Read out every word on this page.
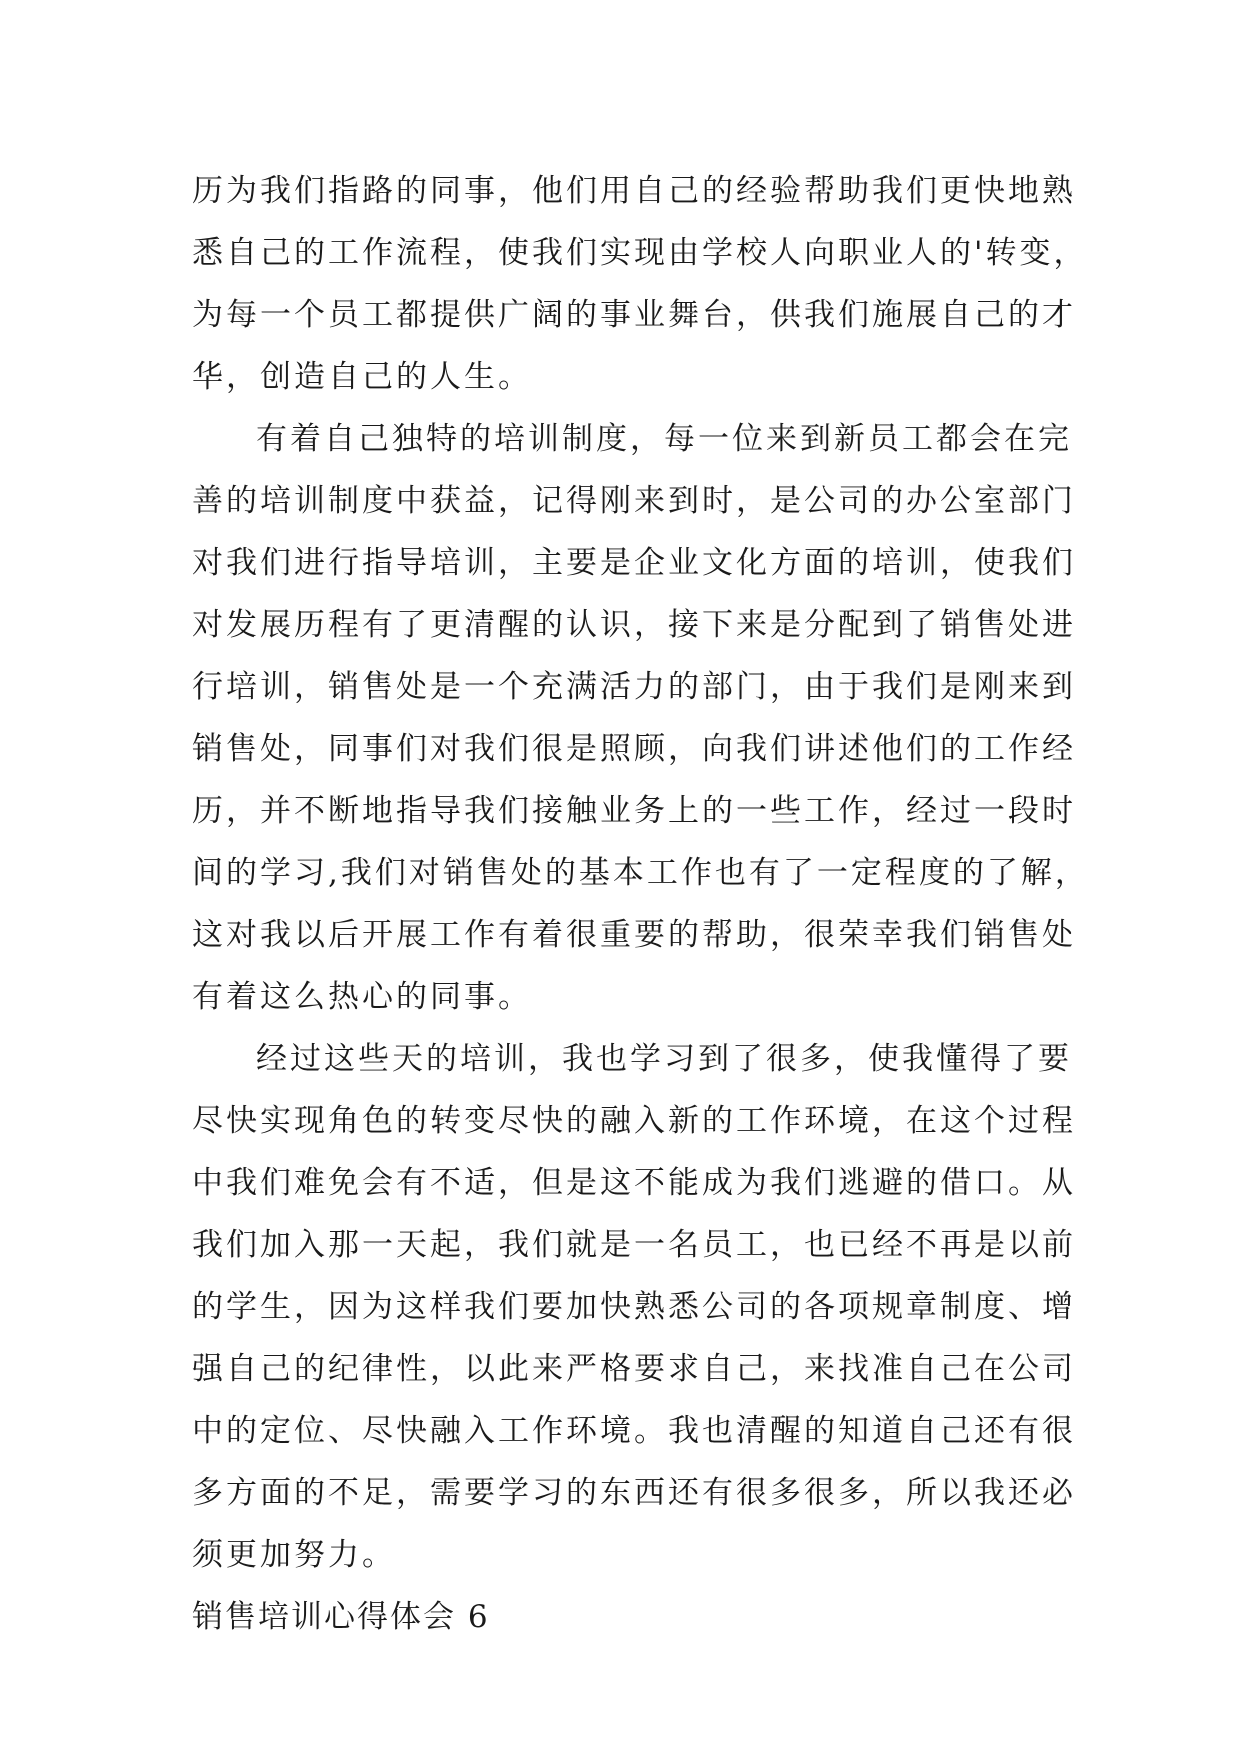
历为我们指路的同事，他们用自己的经验帮助我们更快地熟
悉自己的工作流程，使我们实现由学校人向职业人的'转变，
为每一个员工都提供广阔的事业舞台，供我们施展自己的才
华，创造自己的人生。
有着自己独特的培训制度，每一位来到新员工都会在完
善的培训制度中获益，记得刚来到时，是公司的办公室部门
对我们进行指导培训，主要是企业文化方面的培训，使我们
对发展历程有了更清醒的认识，接下来是分配到了销售处进
行培训，销售处是一个充满活力的部门，由于我们是刚来到
销售处，同事们对我们很是照顾，向我们讲述他们的工作经
历，并不断地指导我们接触业务上的一些工作，经过一段时
间的学习,我们对销售处的基本工作也有了一定程度的了解，
这对我以后开展工作有着很重要的帮助，很荣幸我们销售处
有着这么热心的同事。
经过这些天的培训，我也学习到了很多，使我懂得了要
尽快实现角色的转变尽快的融入新的工作环境，在这个过程
中我们难免会有不适，但是这不能成为我们逃避的借口。从
我们加入那一天起，我们就是一名员工，也已经不再是以前
的学生，因为这样我们要加快熟悉公司的各项规章制度、增
强自己的纪律性，以此来严格要求自己，来找准自己在公司
中的定位、尽快融入工作环境。我也清醒的知道自己还有很
多方面的不足，需要学习的东西还有很多很多，所以我还必
须更加努力。
销售培训心得体会 6
